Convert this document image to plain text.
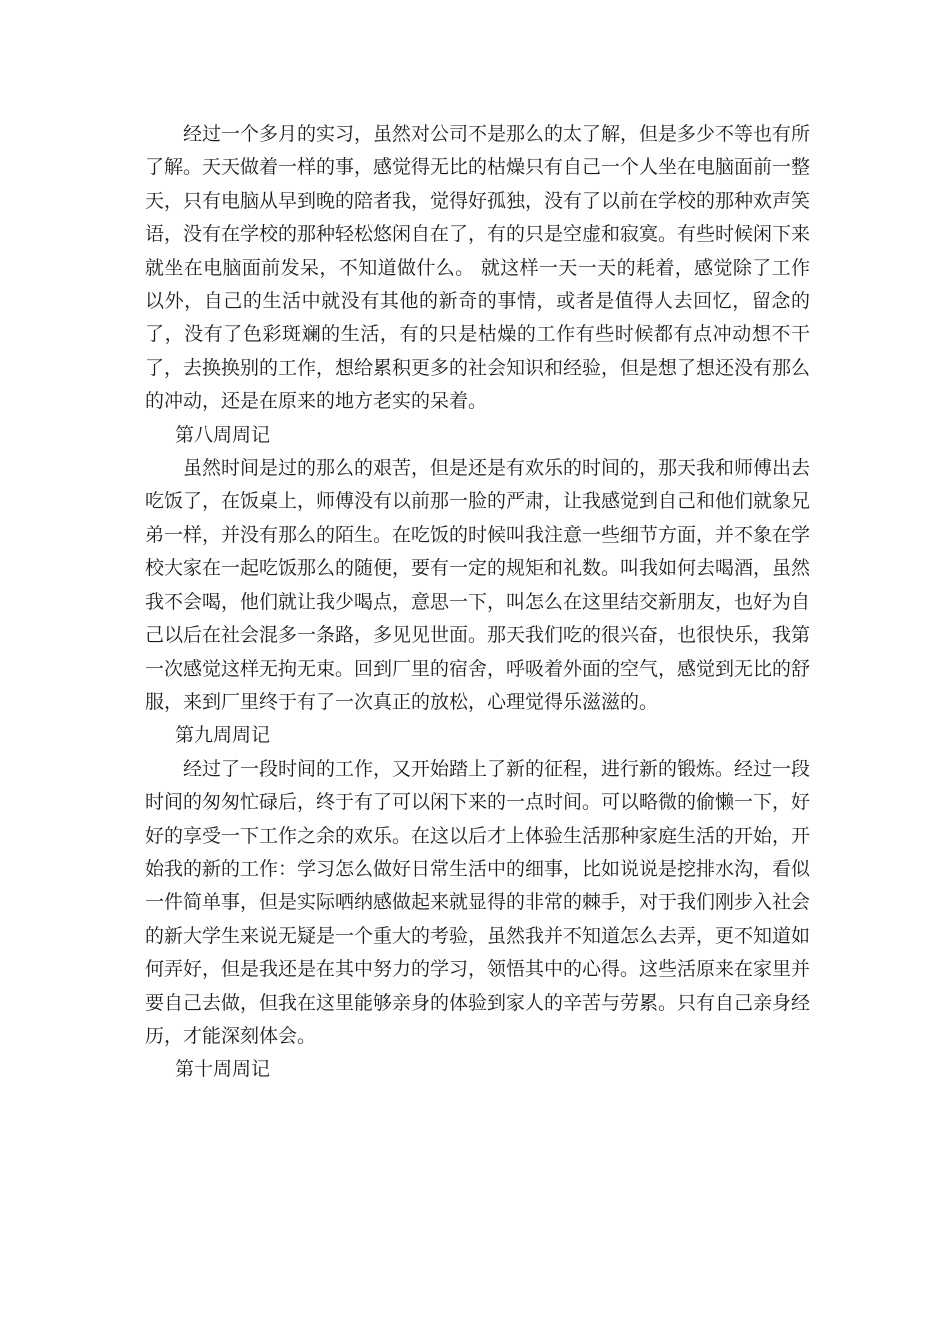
经过一个多月的实习，虽然对公司不是那么的太了解，但是多少不等也有所了解。天天做着一样的事，感觉得无比的枯燥只有自己一个人坐在电脑面前一整天，只有电脑从早到晚的陪者我，觉得好孤独，没有了以前在学校的那种欢声笑语，没有在学校的那种轻松悠闲自在了，有的只是空虚和寂寞。有些时候闲下来就坐在电脑面前发呆，不知道做什么。 就这样一天一天的耗着，感觉除了工作以外，自己的生活中就没有其他的新奇的事情，或者是值得人去回忆，留念的了，没有了色彩斑斓的生活，有的只是枯燥的工作有些时候都有点冲动想不干了，去换换别的工作，想给累积更多的社会知识和经验，但是想了想还没有那么的冲动，还是在原来的地方老实的呆着。

第八周周记

虽然时间是过的那么的艰苦，但是还是有欢乐的时间的，那天我和师傅出去吃饭了，在饭桌上，师傅没有以前那一脸的严肃，让我感觉到自己和他们就象兄弟一样，并没有那么的陌生。在吃饭的时候叫我注意一些细节方面，并不象在学校大家在一起吃饭那么的随便，要有一定的规矩和礼数。叫我如何去喝酒，虽然我不会喝，他们就让我少喝点，意思一下，叫怎么在这里结交新朋友，也好为自己以后在社会混多一条路，多见见世面。那天我们吃的很兴奋，也很快乐，我第一次感觉这样无拘无束。回到厂里的宿舍，呼吸着外面的空气，感觉到无比的舒服，来到厂里终于有了一次真正的放松，心理觉得乐滋滋的。

第九周周记

经过了一段时间的工作，又开始踏上了新的征程，进行新的锻炼。经过一段时间的匆匆忙碌后，终于有了可以闲下来的一点时间。可以略微的偷懒一下，好好的享受一下工作之余的欢乐。在这以后才上体验生活那种家庭生活的开始，开始我的新的工作：学习怎么做好日常生活中的细事，比如说说是挖排水沟，看似一件简单事，但是实际哂纳感做起来就显得的非常的棘手，对于我们刚步入社会的新大学生来说无疑是一个重大的考验，虽然我并不知道怎么去弄，更不知道如何弄好，但是我还是在其中努力的学习，领悟其中的心得。这些活原来在家里并要自己去做，但我在这里能够亲身的体验到家人的辛苦与劳累。只有自己亲身经历，才能深刻体会。

第十周周记
